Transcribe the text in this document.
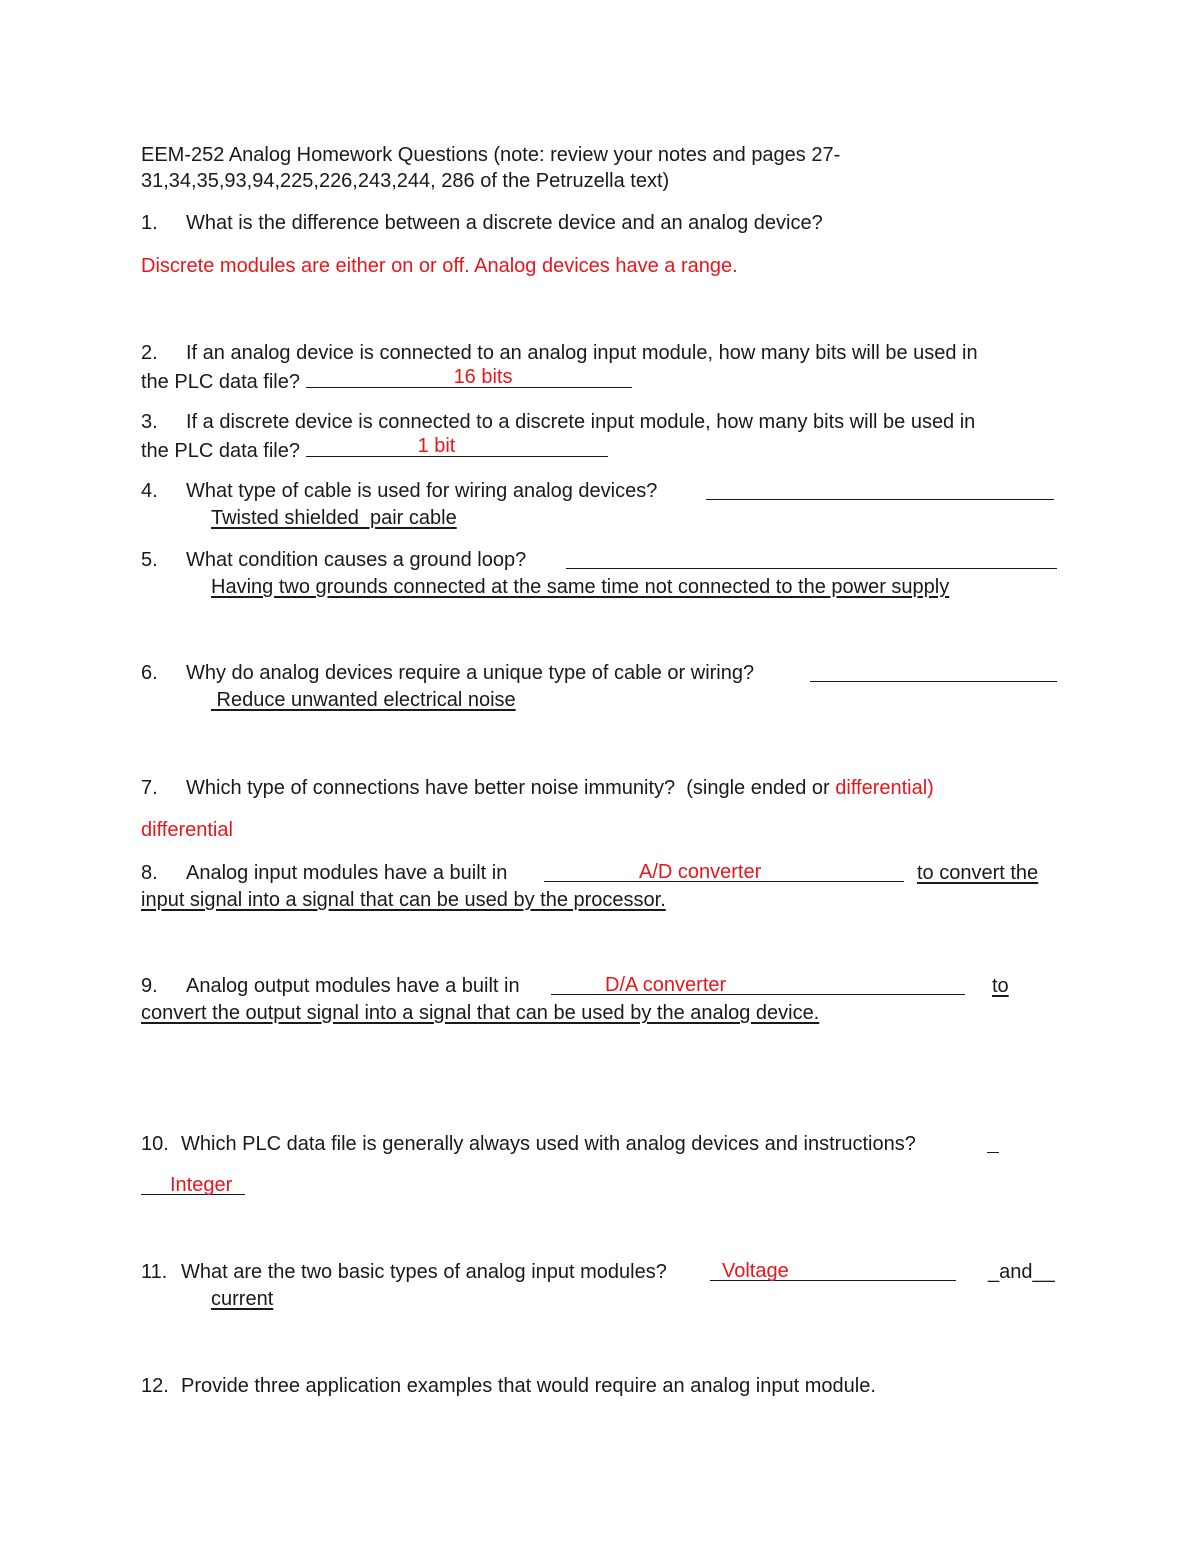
EEM-252 Analog Homework Questions (note: review your notes and pages 27-
31,34,35,93,94,225,226,243,244, 286 of the Petruzella text)
1. What is the difference between a discrete device and an analog device?
Discrete modules are either on or off. Analog devices have a range.
2. If an analog device is connected to an analog input module, how many bits will be used in
the PLC data file?	16 bits
3. If a discrete device is connected to a discrete input module, how many bits will be used in
the PLC data file?	1 bit
4. What type of cable is used for wiring analog devices?
Twisted shielded  pair cable
5. What condition causes a ground loop?
Having two grounds connected at the same time not connected to the power supply
6. Why do analog devices require a unique type of cable or wiring?
Reduce unwanted electrical noise
7. Which type of connections have better noise immunity?  (single ended or differential)
differential
8. Analog input modules have a built in	A/D converter	to convert the
input signal into a signal that can be used by the processor.
9. Analog output modules have a built in	D/A converter	to
convert the output signal into a signal that can be used by the analog device.
10. Which PLC data file is generally always used with analog devices and instructions?
Integer
11. What are the two basic types of analog input modules?	Voltage	_and__
current
12. Provide three application examples that would require an analog input module.
